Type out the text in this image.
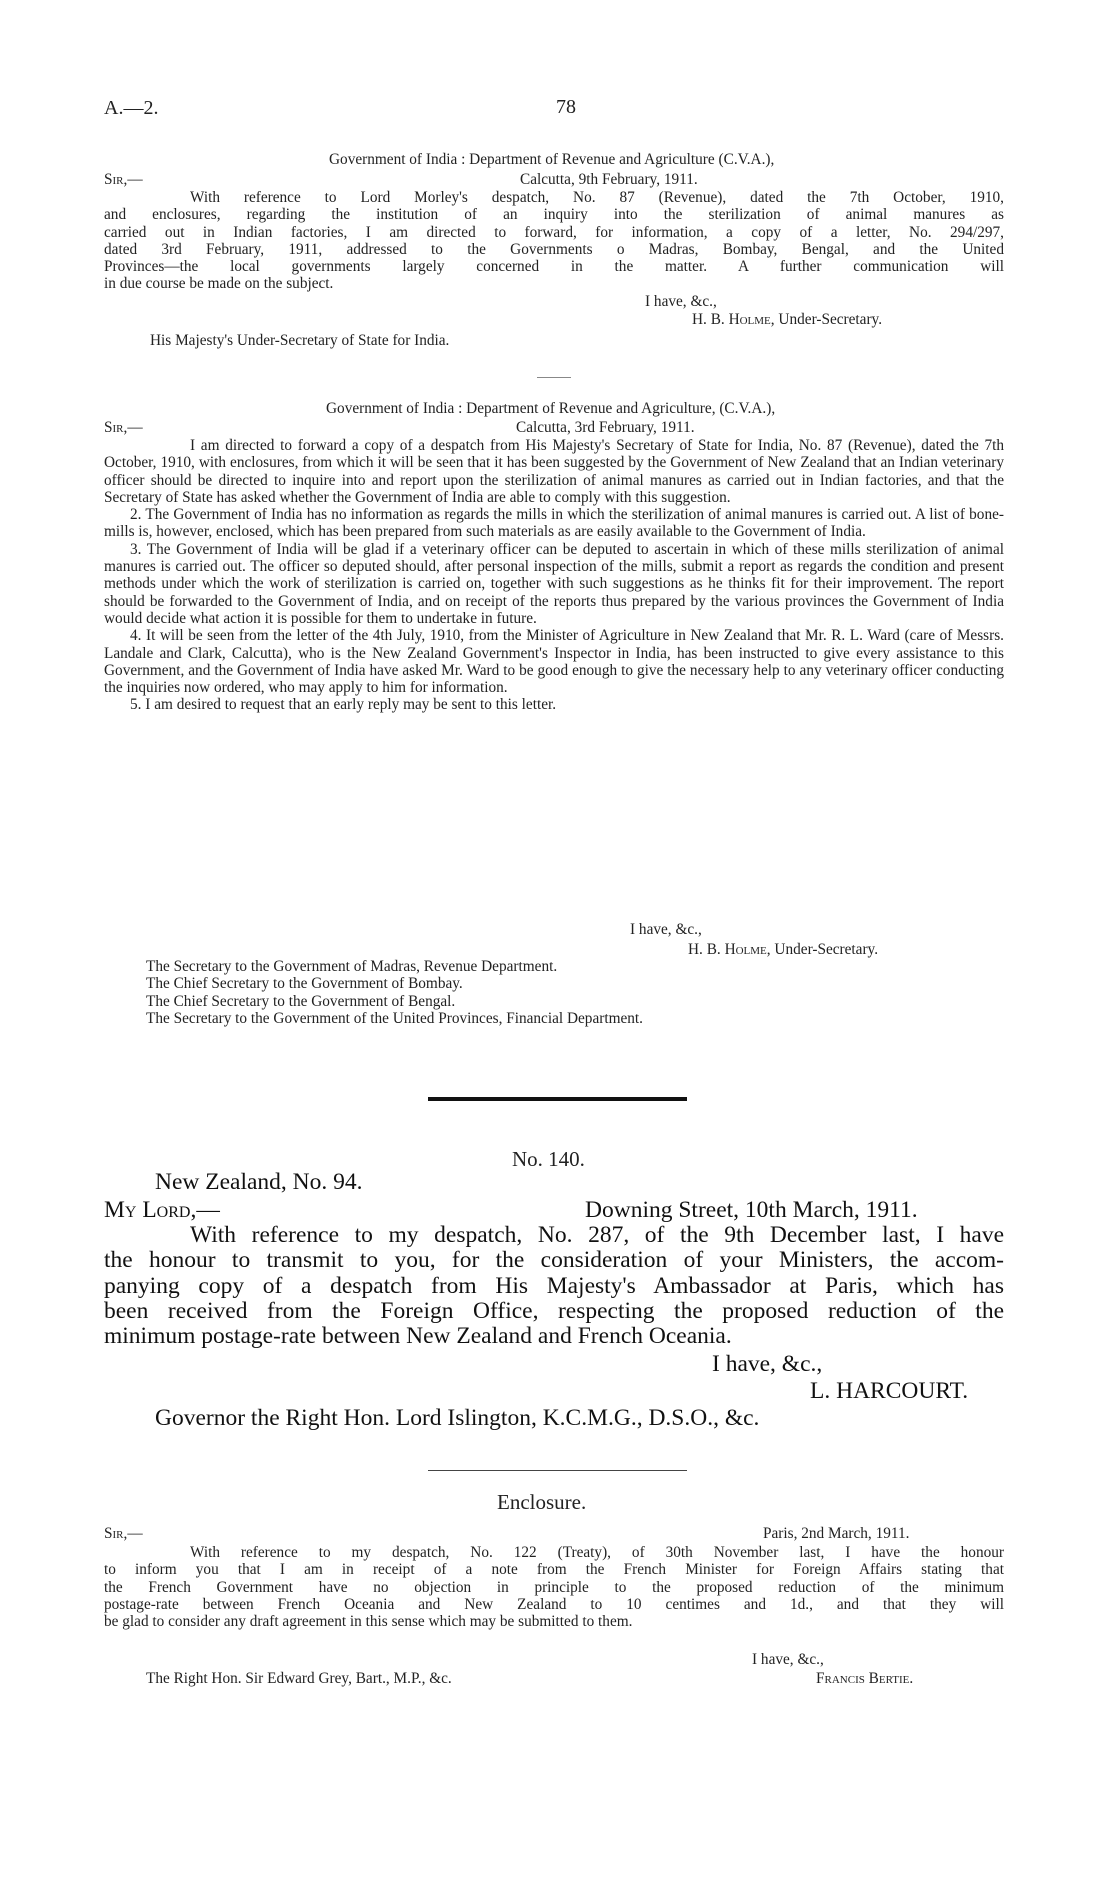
A.—2.	78
Government of India : Department of Revenue and Agriculture (C.V.A.),
Sir,—	Calcutta, 9th February, 1911.

With reference to Lord Morley's despatch, No. 87 (Revenue), dated the 7th October, 1910,

and enclosures, regarding the institution of an inquiry into the sterilization of animal manures as

carried out in Indian factories, I am directed to forward, for information, a copy of a letter, No. 294/297,

dated 3rd February, 1911, addressed to the Governments o Madras, Bombay, Bengal, and the United

Provinces—the local governments largely concerned in the matter. A further communication will

in due course be made on the subject.

I have, &c.,
H. B. Holme, Under-Secretary.
His Majesty's Under-Secretary of State for India.
Government of India : Department of Revenue and Agriculture, (C.V.A.),
Sir,—	Calcutta, 3rd February, 1911.

I am directed to forward a copy of a despatch from His Majesty's Secretary of State for India, No. 87 (Revenue), dated the 7th October, 1910, with enclosures, from which it will be seen that it has been suggested by the Government of New Zealand that an Indian veterinary officer should be directed to inquire into and report upon the sterilization of animal manures as carried out in Indian factories, and that the Secretary of State has asked whether the Government of India are able to comply with this suggestion.

2. The Government of India has no information as regards the mills in which the sterilization of animal manures is carried out. A list of bone-mills is, however, enclosed, which has been prepared from such materials as are easily available to the Government of India.

3. The Government of India will be glad if a veterinary officer can be deputed to ascertain in which of these mills sterilization of animal manures is carried out. The officer so deputed should, after personal inspection of the mills, submit a report as regards the condition and present methods under which the work of sterilization is carried on, together with such suggestions as he thinks fit for their improvement. The report should be forwarded to the Government of India, and on receipt of the reports thus prepared by the various provinces the Government of India would decide what action it is possible for them to undertake in future.

4. It will be seen from the letter of the 4th July, 1910, from the Minister of Agriculture in New Zealand that Mr. R. L. Ward (care of Messrs. Landale and Clark, Calcutta), who is the New Zealand Government's Inspector in India, has been instructed to give every assistance to this Government, and the Government of India have asked Mr. Ward to be good enough to give the necessary help to any veterinary officer conducting the inquiries now ordered, who may apply to him for information.

5. I am desired to request that an early reply may be sent to this letter.

I have, &c.,
H. B. Holme, Under-Secretary.
The Secretary to the Government of Madras, Revenue Department.
The Chief Secretary to the Government of Bombay.
The Chief Secretary to the Government of Bengal.
The Secretary to the Government of the United Provinces, Financial Department.
No. 140.
New Zealand, No. 94.
My Lord,—	Downing Street, 10th March, 1911.

With reference to my despatch, No. 287, of the 9th December last, I have

the honour to transmit to you, for the consideration of your Ministers, the accom-

panying copy of a despatch from His Majesty's Ambassador at Paris, which has

been received from the Foreign Office, respecting the proposed reduction of the

minimum postage-rate between New Zealand and French Oceania.

I have, &c.,
L. HARCOURT.
Governor the Right Hon. Lord Islington, K.C.M.G., D.S.O., &c.
Enclosure.
Sir,—	Paris, 2nd March, 1911.

With reference to my despatch, No. 122 (Treaty), of 30th November last, I have the honour

to inform you that I am in receipt of a note from the French Minister for Foreign Affairs stating that

the French Government have no objection in principle to the proposed reduction of the minimum

postage-rate between French Oceania and New Zealand to 10 centimes and 1d., and that they will

be glad to consider any draft agreement in this sense which may be submitted to them.

I have, &c.,
The Right Hon. Sir Edward Grey, Bart., M.P., &c.	Francis Bertie.
